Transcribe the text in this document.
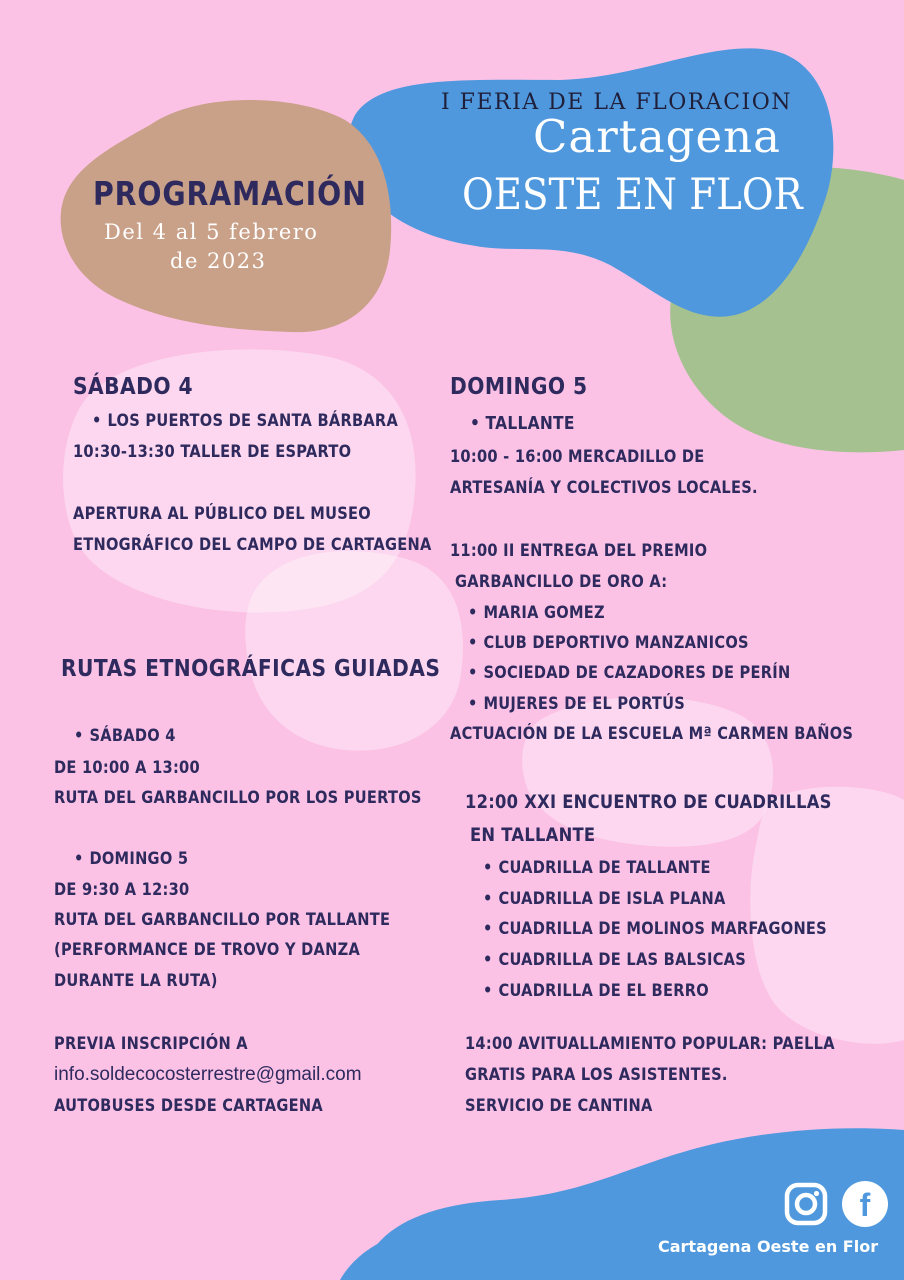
I FERIA DE LA FLORACION
Cartagena
OESTE EN FLOR
PROGRAMACIÓN
Del 4 al 5 febrero
de 2023
SÁBADO 4
• LOS PUERTOS DE SANTA BÁRBARA
10:30-13:30 TALLER DE ESPARTO
APERTURA AL PÚBLICO DEL MUSEO
ETNOGRÁFICO DEL CAMPO DE CARTAGENA
RUTAS ETNOGRÁFICAS GUIADAS
• SÁBADO 4
DE 10:00 A 13:00
RUTA DEL GARBANCILLO POR LOS PUERTOS
• DOMINGO 5
DE 9:30 A 12:30
RUTA DEL GARBANCILLO POR TALLANTE
(PERFORMANCE DE TROVO Y DANZA
DURANTE LA RUTA)
PREVIA INSCRIPCIÓN A
info.soldecocosterrestre@gmail.com
AUTOBUSES DESDE CARTAGENA
DOMINGO 5
• TALLANTE
10:00 - 16:00 MERCADILLO DE
ARTESANÍA Y COLECTIVOS LOCALES.
11:00 II ENTREGA DEL PREMIO
GARBANCILLO DE ORO A:
• MARIA GOMEZ
• CLUB DEPORTIVO MANZANICOS
• SOCIEDAD DE CAZADORES DE PERÍN
• MUJERES DE EL PORTÚS
ACTUACIÓN DE LA ESCUELA Mª CARMEN BAÑOS
12:00 XXI ENCUENTRO DE CUADRILLAS
EN TALLANTE
• CUADRILLA DE TALLANTE
• CUADRILLA DE ISLA PLANA
• CUADRILLA DE MOLINOS MARFAGONES
• CUADRILLA DE LAS BALSICAS
• CUADRILLA DE EL BERRO
14:00 AVITUALLAMIENTO POPULAR: PAELLA
GRATIS PARA LOS ASISTENTES.
SERVICIO DE CANTINA
f
Cartagena Oeste en Flor
